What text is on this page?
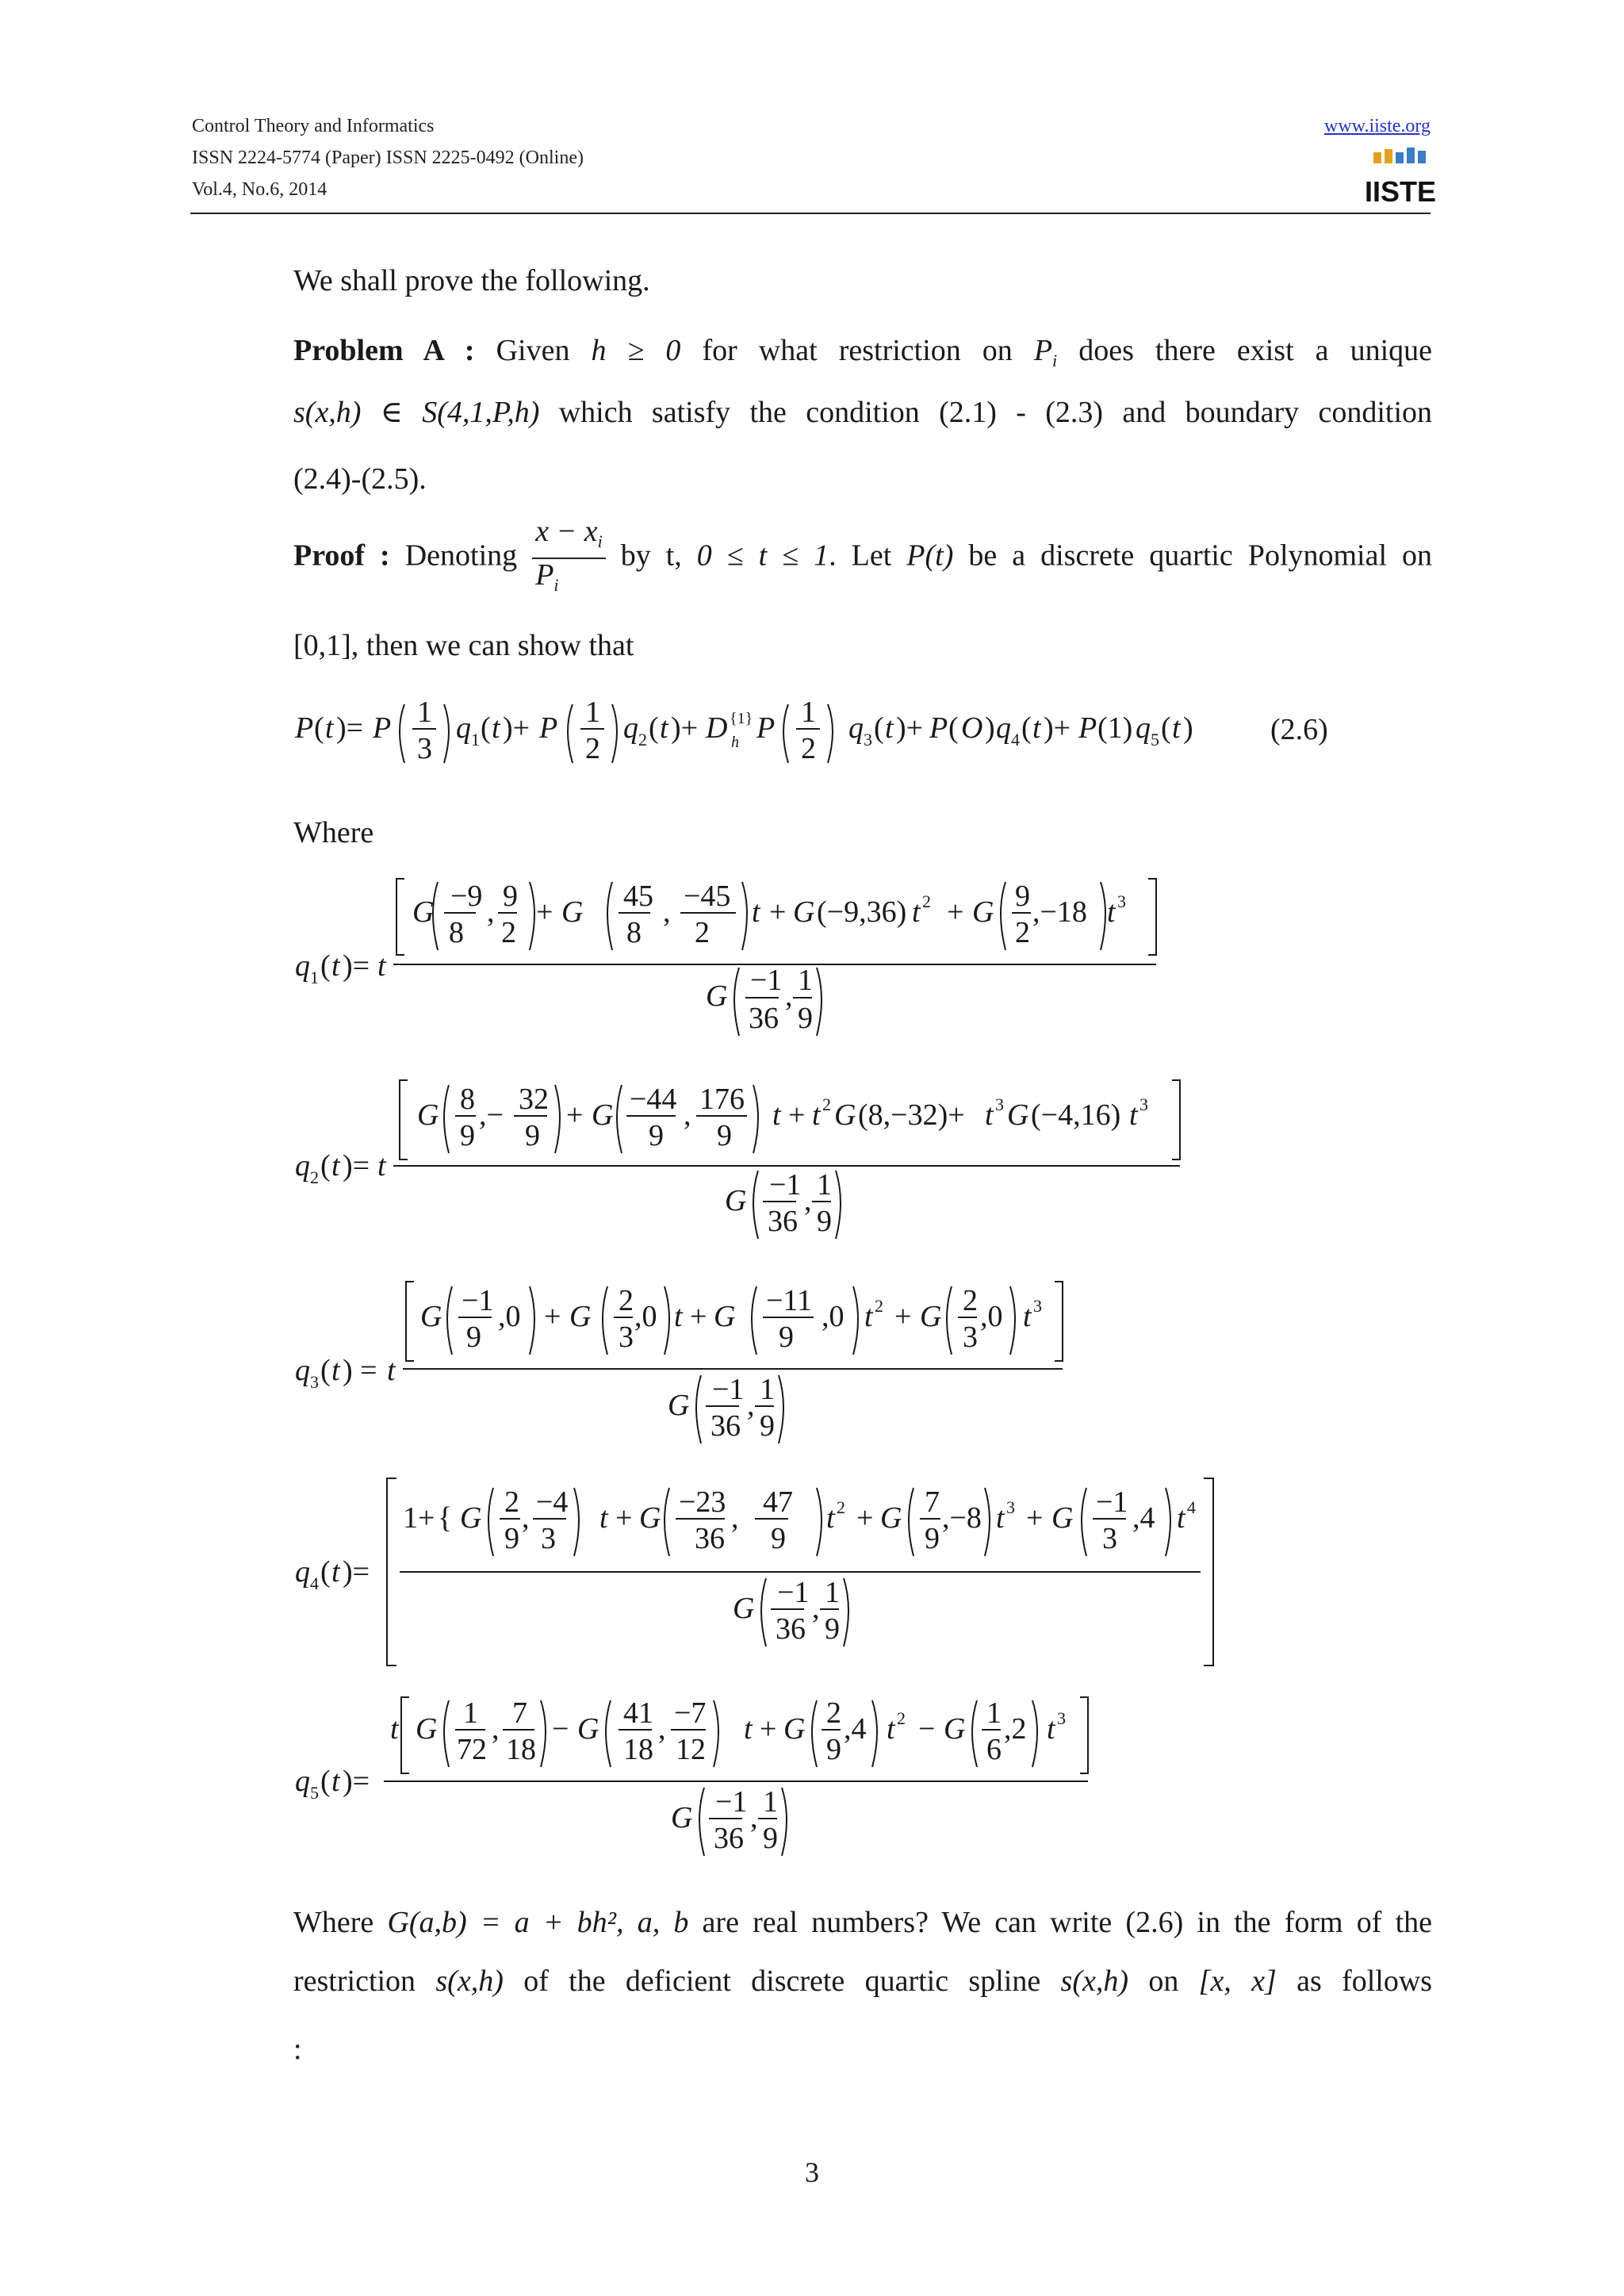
Control Theory and Informatics
ISSN 2224-5774 (Paper) ISSN 2225-0492 (Online)
Vol.4, No.6, 2014
www.iiste.org
IISTE
We shall prove the following.
Problem A : Given h ≥ 0 for what restriction on $P_i$ does there exist a unique
s(x,h) ∈ S(4,1,P,h) which satisfy the condition (2.1) - (2.3) and boundary condition
(2.4)-(2.5).
Proof : Denoting $\frac{x - x_i}{P_i}$ by t, 0 ≤ t ≤ 1. Let P(t) be a discrete quartic Polynomial on
[0,1], then we can show that
P ( t )= P 1
3
q 1 ( t )+ P 1
2
q 2 ( t )+ D {1}
h P 1
2
q 3 ( t )+ P ( O ) q 4 ( t )+ P (1) q 5 ( t )
q 1 ( t )= t
G −9
8
, 9
2
+ G 45
8
, −45
2
t + G (−9,36) t 2 + G 9
2
,−18 t 3
G −1
36
, 1
9
q 2 ( t )= t
G 8
9
,− 32
9
+ G −44
9
, 176
9
t + t 2 G (8,−32)+ t 3 G (−4,16) t 3
G −1
36
, 1
9
q 3 ( t ) = t
G −1
9
,0 + G 2
3
,0 t + G −11
9
,0 t 2 + G 2
3
,0 t 3
G −1
36
, 1
9
q 4 ( t )=
1+ { G 2
9
, −4
3
t + G −23
36
, 47
9
t 2 + G 7
9
,−8 t 3 + G −1
3
,4 t 4
G −1
36
, 1
9
q 5 ( t )=
t G 1
72
, 7
18
− G 41
18
, −7
12
t + G 2
9
,4 t 2 − G 1
6
,2 t 3
G −1
36
, 1
9
(2.6)
Where
Where G(a,b) = a + bh², a, b are real numbers? We can write (2.6) in the form of the
restriction s(x,h) of the deficient discrete quartic spline s(x,h) on [x, x] as follows
:
3
